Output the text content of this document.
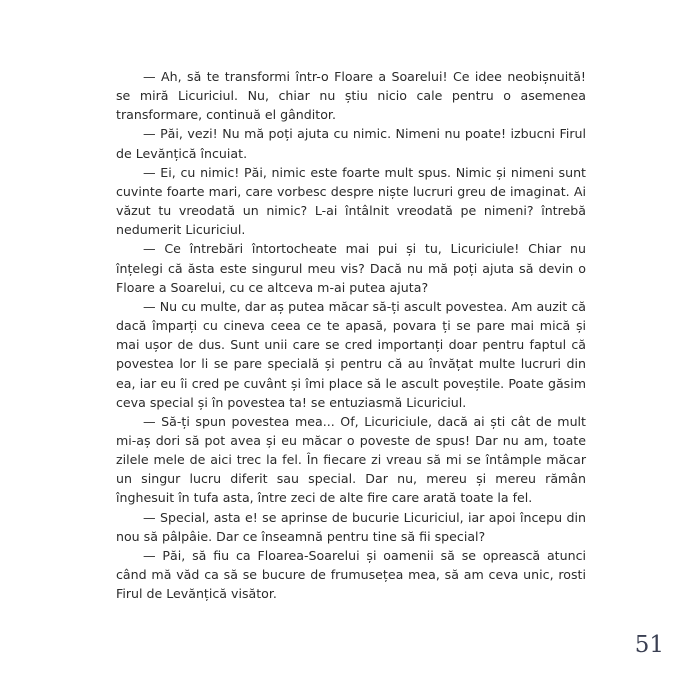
— Ah, să te transformi într-o Floare a Soarelui! Ce idee neobișnuită! se miră Licuriciul. Nu, chiar nu știu nicio cale pentru o asemenea transformare, continuă el gânditor.

— Păi, vezi! Nu mă poți ajuta cu nimic. Nimeni nu poate! izbucni Firul de Levănțică încuiat.

— Ei, cu nimic! Păi, nimic este foarte mult spus. Nimic și nimeni sunt cuvinte foarte mari, care vorbesc despre niște lucruri greu de imaginat. Ai văzut tu vreodată un nimic? L-ai întâlnit vreodată pe nimeni? întrebă nedumerit Licuriciul.

— Ce întrebări întortocheate mai pui și tu, Licuriciule! Chiar nu înțelegi că ăsta este singurul meu vis? Dacă nu mă poți ajuta să devin o Floare a Soarelui, cu ce altceva m-ai putea ajuta?

— Nu cu multe, dar aș putea măcar să-ți ascult povestea. Am auzit că dacă împarți cu cineva ceea ce te apasă, povara ți se pare mai mică și mai ușor de dus. Sunt unii care se cred importanți doar pentru faptul că povestea lor li se pare specială și pentru că au învățat multe lucruri din ea, iar eu îi cred pe cuvânt și îmi place să le ascult poveștile. Poate găsim ceva special și în povestea ta! se entuziasmă Licuriciul.

— Să-ți spun povestea mea... Of, Licuriciule, dacă ai ști cât de mult mi-aș dori să pot avea și eu măcar o poveste de spus! Dar nu am, toate zilele mele de aici trec la fel. În fiecare zi vreau să mi se întâmple măcar un singur lucru diferit sau special. Dar nu, mereu și mereu rămân înghesuit în tufa asta, între zeci de alte fire care arată toate la fel.

— Special, asta e! se aprinse de bucurie Licuriciul, iar apoi începu din nou să pâlpâie. Dar ce înseamnă pentru tine să fii special?

— Păi, să fiu ca Floarea-Soarelui și oamenii să se oprească atunci când mă văd ca să se bucure de frumusețea mea, să am ceva unic, rosti Firul de Levănțică visător.

51
